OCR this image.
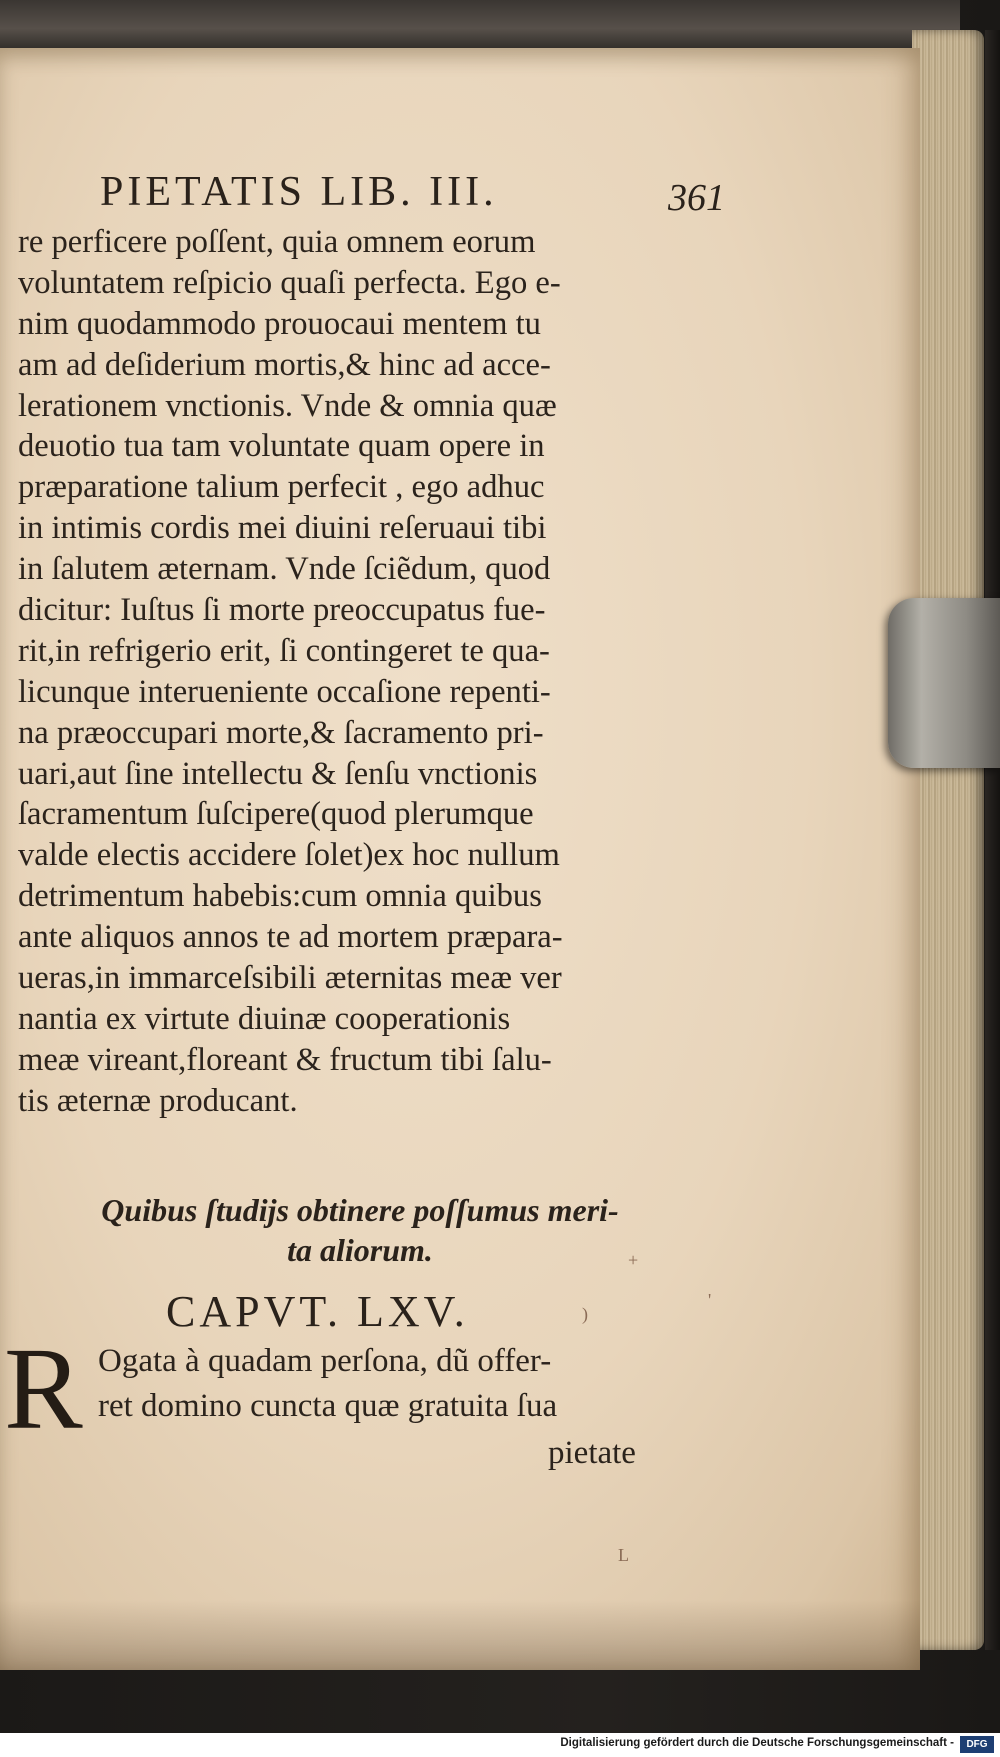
PIETATIS LIB. III.	361
re perficere poſſent, quia omnem eorum
voluntatem reſpicio quaſi perfecta. Ego e-
nim quodammodo prouocaui mentem tu
am ad deſiderium mortis,& hinc ad acce-
lerationem vnctionis. Vnde & omnia quæ
deuotio tua tam voluntate quam opere in
præparatione talium perfecit , ego adhuc
in intimis cordis mei diuini reſeruaui tibi
in ſalutem æternam. Vnde ſciẽdum, quod
dicitur: Iuſtus ſi morte preoccupatus fue-
rit,in refrigerio erit, ſi contingeret te qua-
licunque interueniente occaſione repenti-
na præoccupari morte,& ſacramento pri-
uari,aut ſine intellectu & ſenſu vnctionis
ſacramentum ſuſcipere(quod plerumque
valde electis accidere ſolet)ex hoc nullum
detrimentum habebis:cum omnia quibus
ante aliquos annos te ad mortem præpara-
ueras,in immarceſsibili æternitas meæ ver
nantia ex virtute diuinæ cooperationis
meæ vireant,floreant & fructum tibi ſalu-
tis æternæ producant.
Quibus ſtudijs obtinere poſſumus meri-
ta aliorum.
CAPVT. LXV.
R Ogata à quadam perſona, dũ offer-
ret domino cuncta quæ gratuita ſua
pietate
+
'
)
L
Digitalisierung gefördert durch die Deutsche Forschungsgemeinschaft -	DFG
